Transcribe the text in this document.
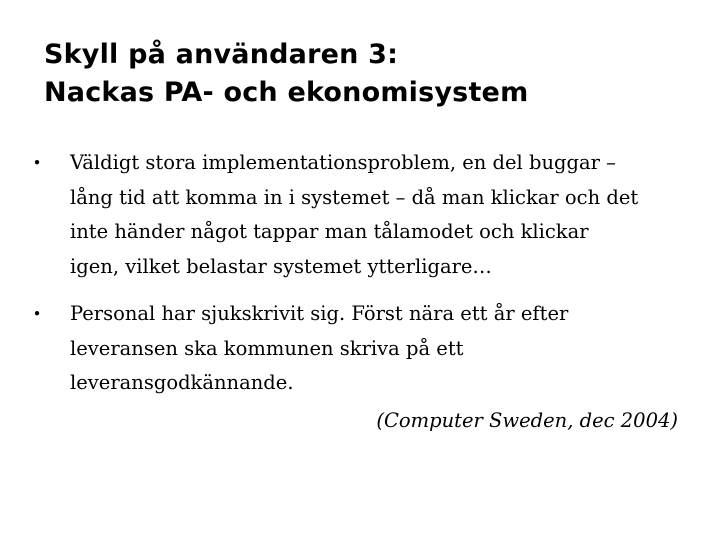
Skyll på användaren 3:
Nackas PA- och ekonomisystem
• Väldigt stora implementationsproblem, en del buggar –
lång tid att komma in i systemet – då man klickar och det
inte händer något tappar man tålamodet och klickar
igen, vilket belastar systemet ytterligare…
• Personal har sjukskrivit sig. Först nära ett år efter
leveransen ska kommunen skriva på ett
leveransgodkännande.
(Computer Sweden, dec 2004)
